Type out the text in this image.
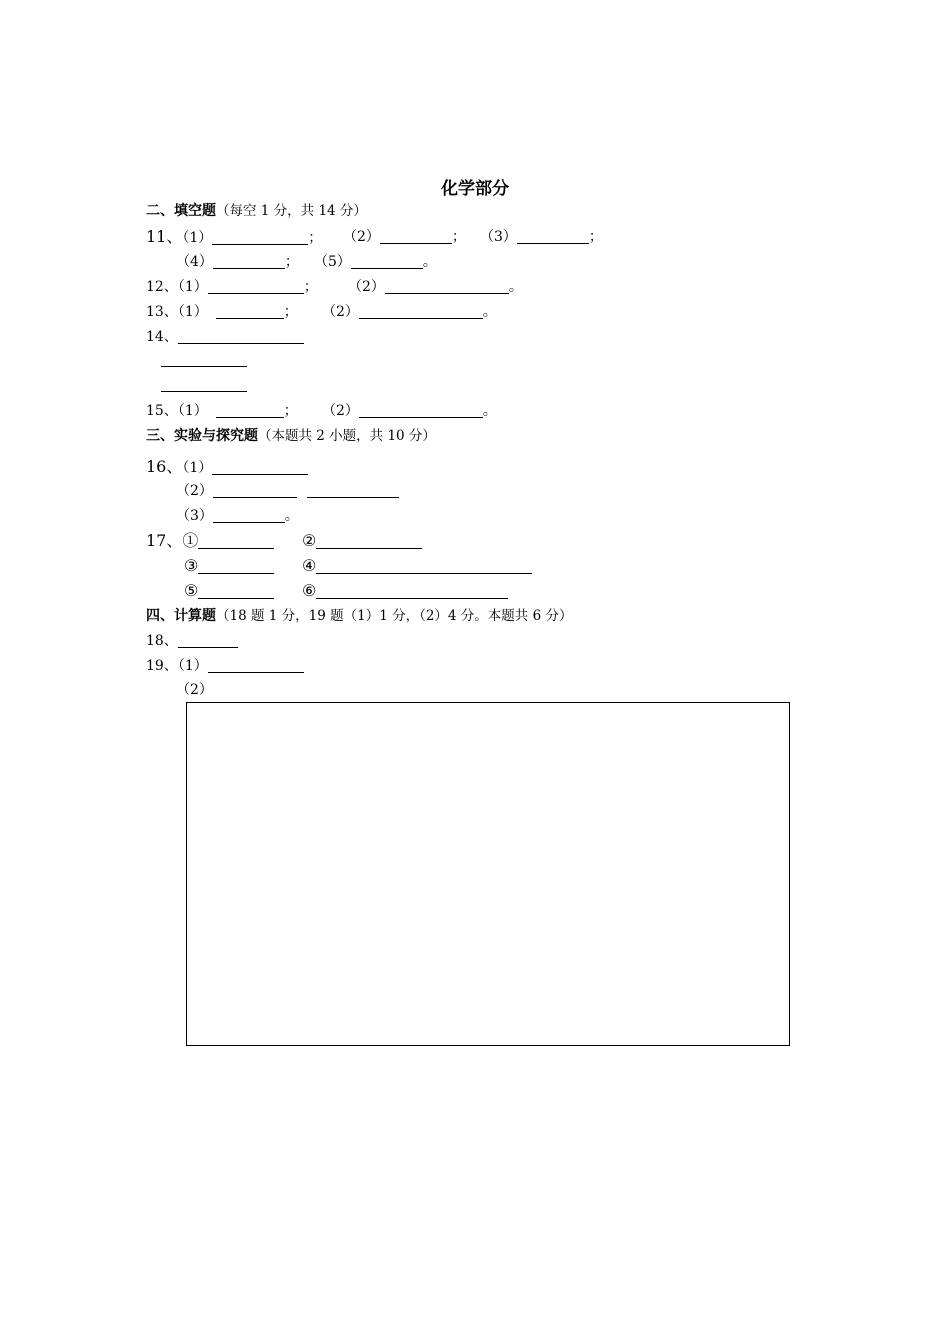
化学部分
二、填空题（每空 1 分，共 14 分）
11、（1）	； （2）	； （3）	；
（4）	； （5）	。
12、（1）	； （2）	。
13、（1）	； （2）	。
14、
15、（1）	； （2）	。
三、实验与探究题（本题共 2 小题，共 10 分）
16、（1）
（2）
（3）	。
17、①	②
③	④
⑤	⑥
四、计算题（18 题 1 分，19 题（1）1 分，（2）4 分。本题共 6 分）
18、
19、（1）
（2）
